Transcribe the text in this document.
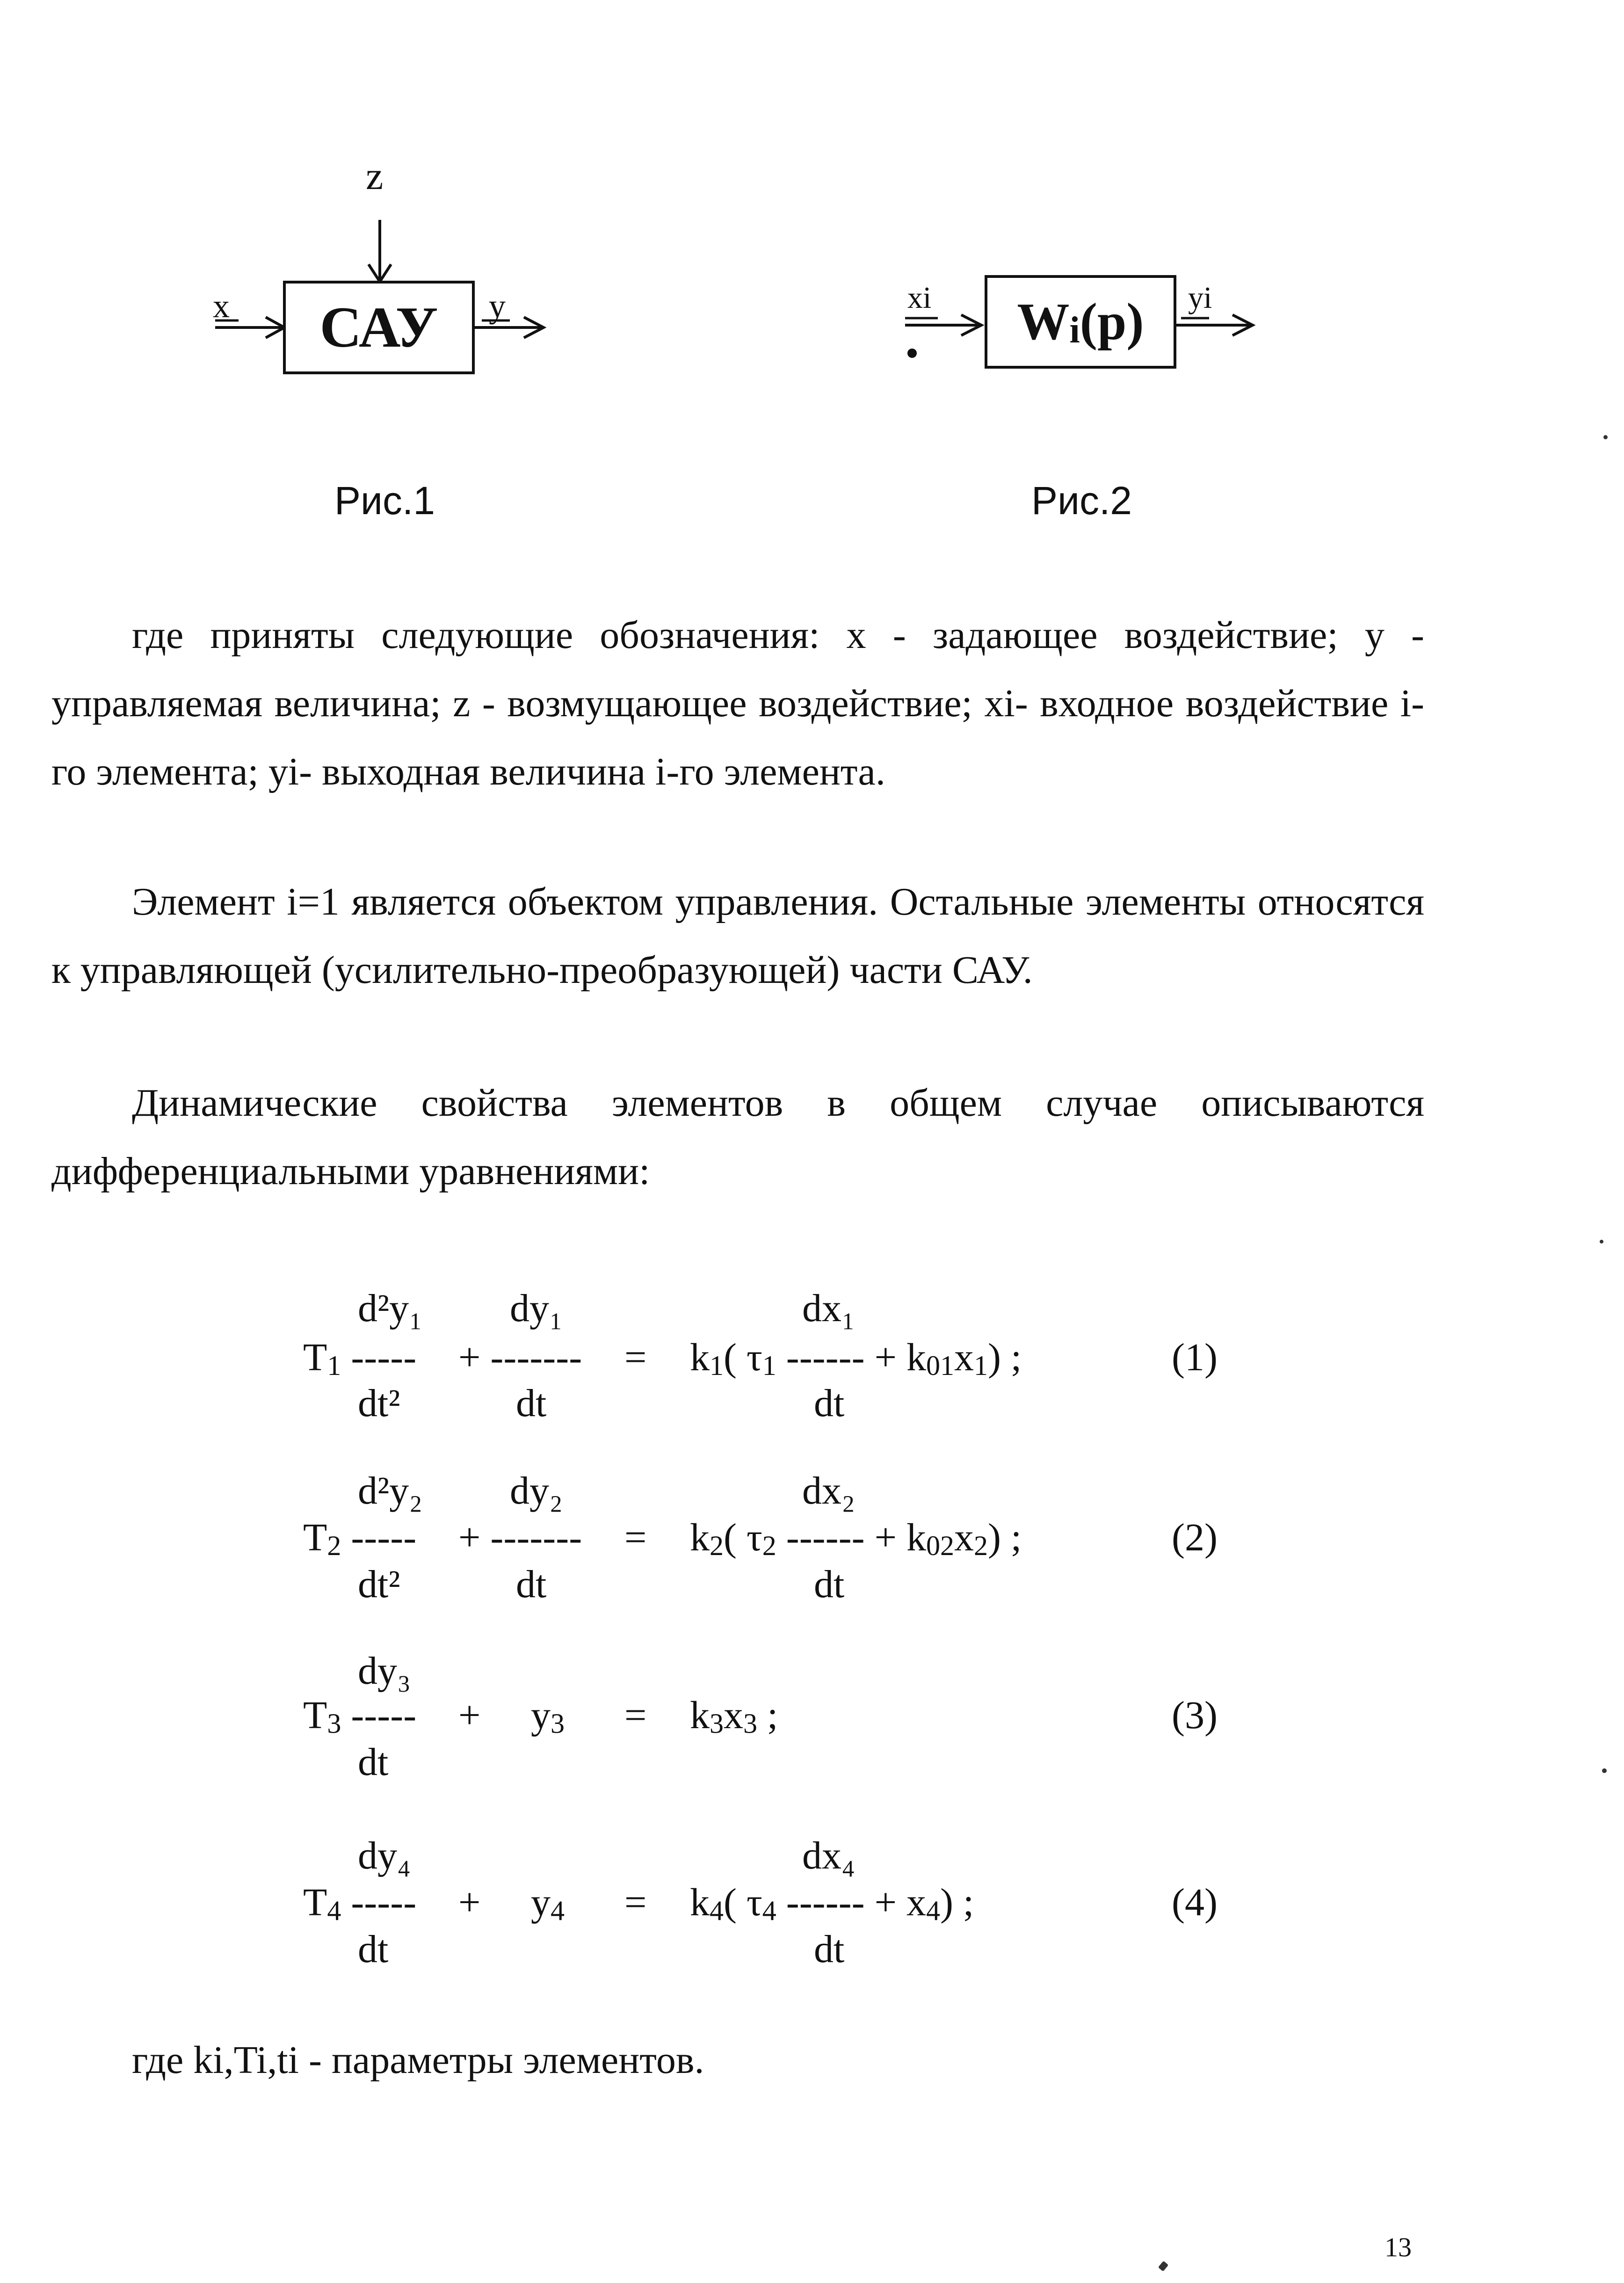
z
x	y
САУ
Рис.1
xi	yi
W i (p)
Рис.2

где приняты следующие обозначения: x - задающее воздействие; y - управляемая величина; z - возмущающее воздействие; xi- входное воздействие i-го элемента; yi- выходная величина i-го элемента.

Элемент i=1 является объектом управления. Остальные элементы относятся к управляющей (усилительно-преобразующей) части САУ.

Динамические свойства элементов в общем случае описываются дифференциальными уравнениями:

d²y₁ dy₁	dx₁
T1 ----- + ------- = k1( τ1 ------ + k01x1) ;	(1)
dt²	dt	dt
d²y₂ dy₂	dx₂
T2 ----- + ------- = k2( τ2 ------ + k02x2) ;	(2)
dt²	dt	dt
dy₃
T3 ----- + y3 = k3x3 ;	(3)
dt
dy₄	dx₄
T4 ----- + y4 = k4( τ4 ------ + x4) ;	(4)
dt	dt
где ki,Ti,ti - параметры элементов.
13
